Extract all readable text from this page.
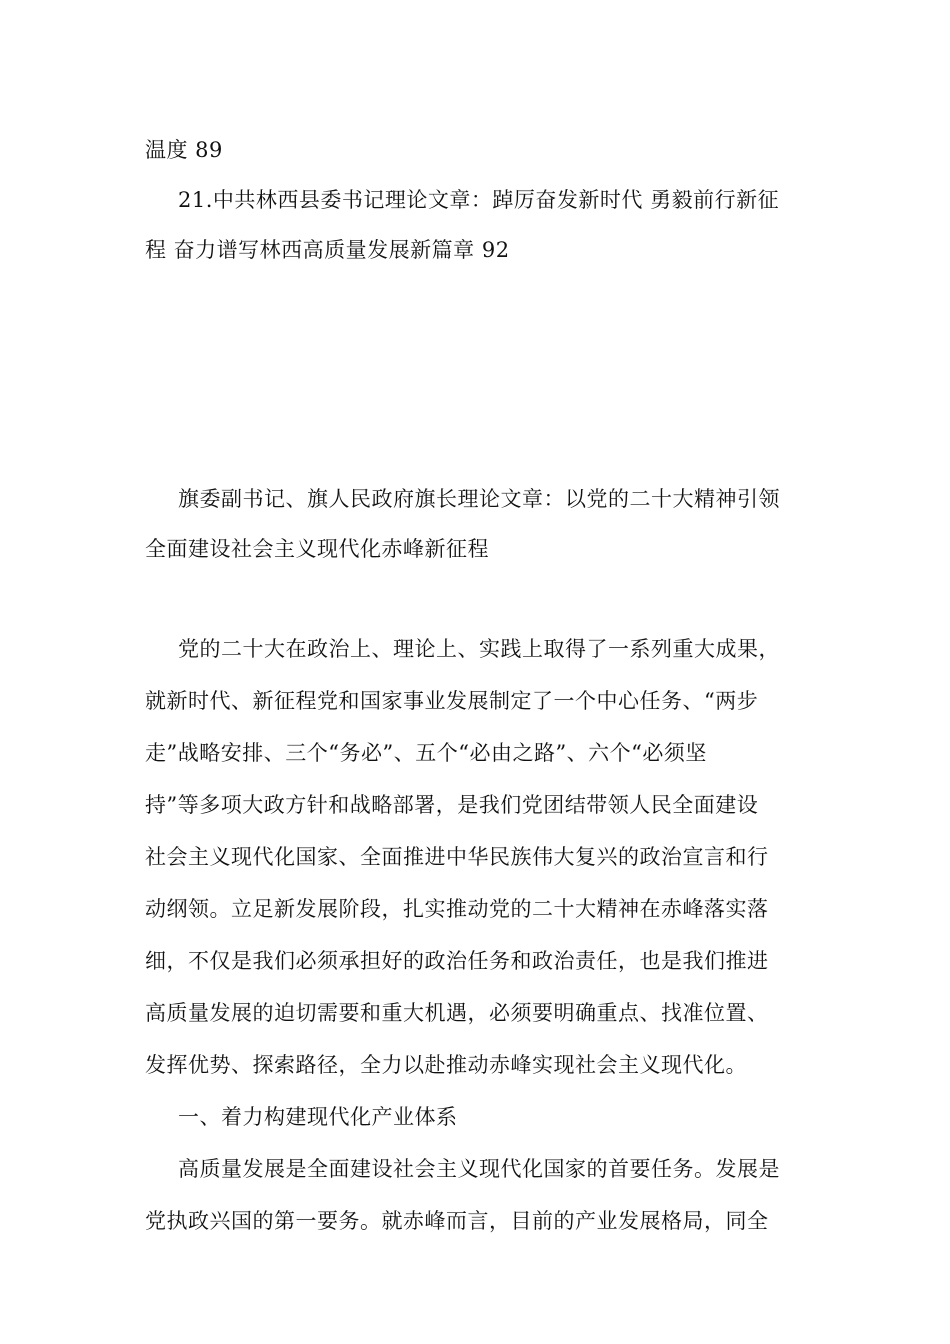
温度 89
21.中共林西县委书记理论文章：踔厉奋发新时代 勇毅前行新征
程 奋力谱写林西高质量发展新篇章 92
旗委副书记、旗人民政府旗长理论文章：以党的二十大精神引领
全面建设社会主义现代化赤峰新征程
党的二十大在政治上、理论上、实践上取得了一系列重大成果，
就新时代、新征程党和国家事业发展制定了一个中心任务、“两步
走”战略安排、三个“务必”、五个“必由之路”、六个“必须坚
持”等多项大政方针和战略部署，是我们党团结带领人民全面建设
社会主义现代化国家、全面推进中华民族伟大复兴的政治宣言和行
动纲领。立足新发展阶段，扎实推动党的二十大精神在赤峰落实落
细，不仅是我们必须承担好的政治任务和政治责任，也是我们推进
高质量发展的迫切需要和重大机遇，必须要明确重点、找准位置、
发挥优势、探索路径，全力以赴推动赤峰实现社会主义现代化。
一、着力构建现代化产业体系
高质量发展是全面建设社会主义现代化国家的首要任务。发展是
党执政兴国的第一要务。就赤峰而言，目前的产业发展格局，同全
